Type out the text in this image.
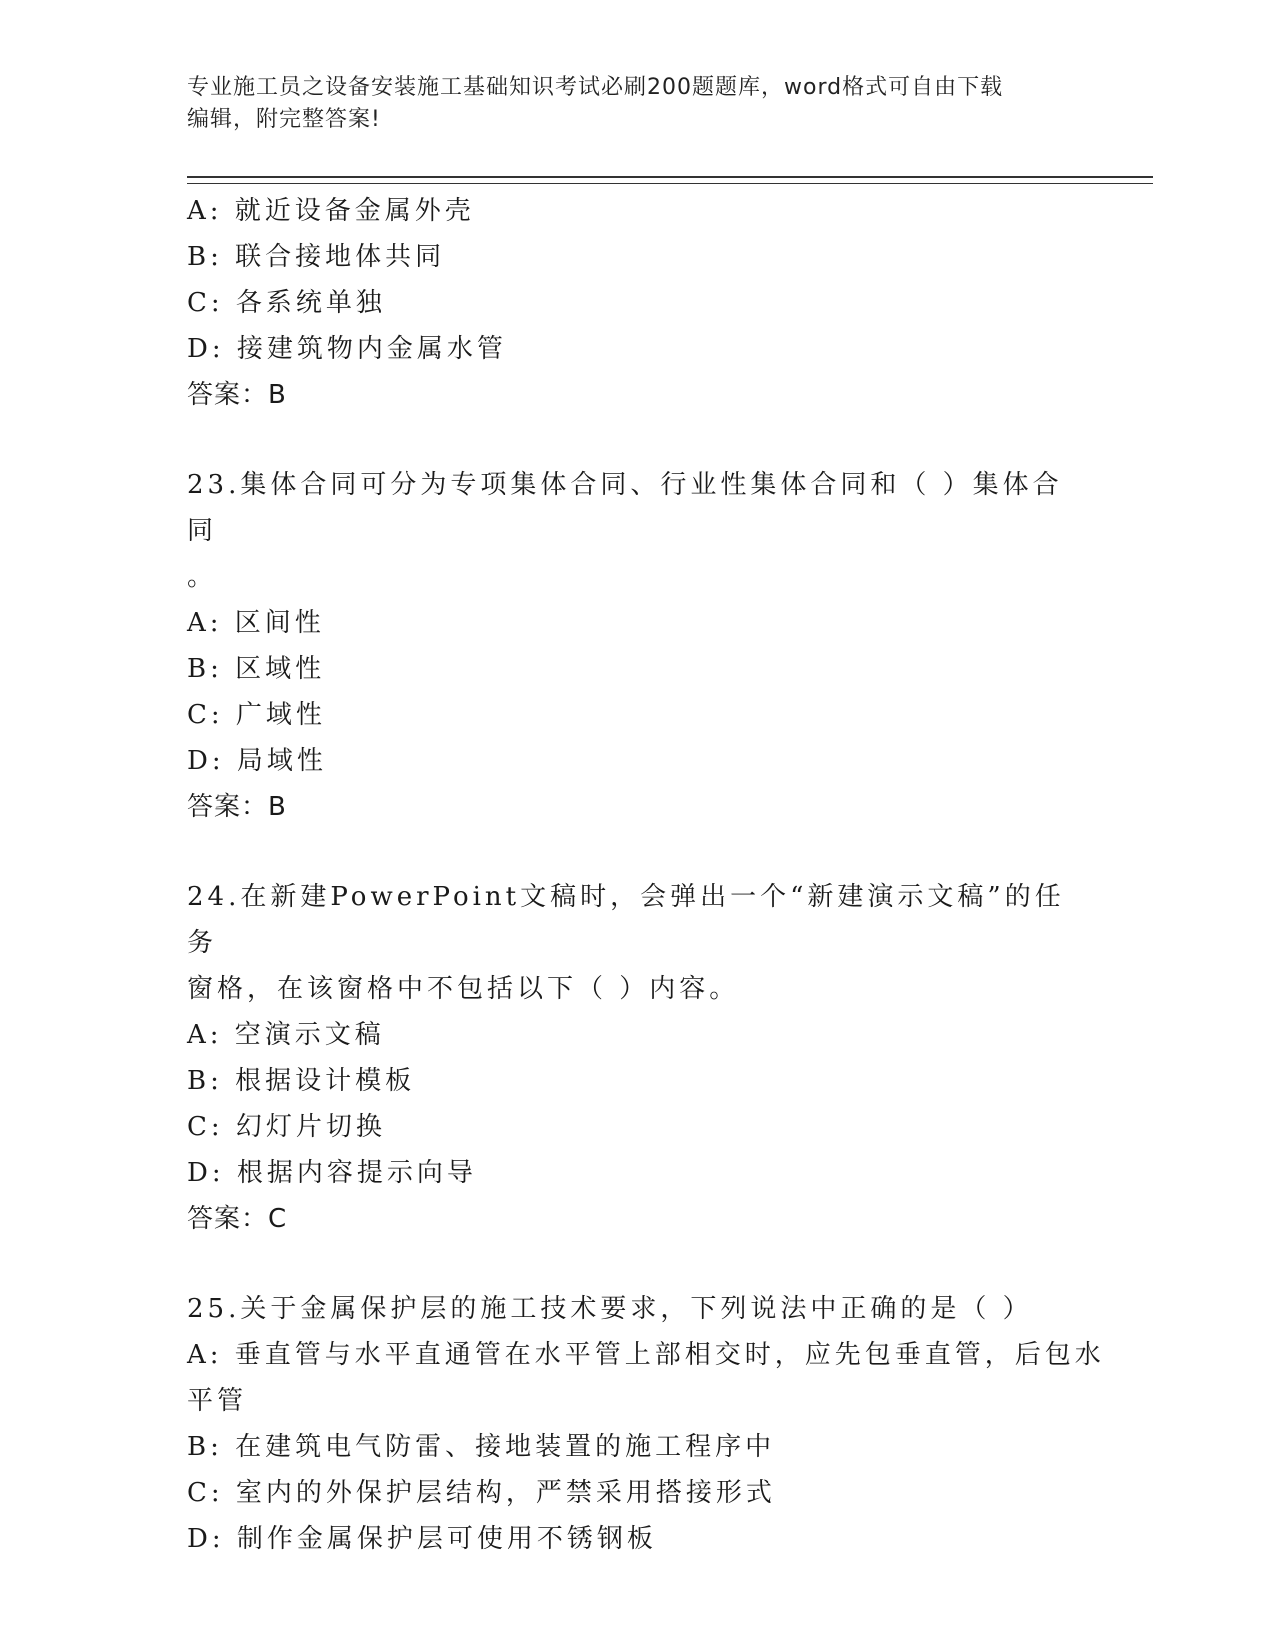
专业施工员之设备安装施工基础知识考试必刷200题题库，word格式可自由下载
编辑，附完整答案!
A: 就近设备金属外壳
B: 联合接地体共同
C: 各系统单独
D: 接建筑物内金属水管
答案：B
23.集体合同可分为专项集体合同、行业性集体合同和（ ）集体合同
。
A: 区间性
B: 区域性
C: 广域性
D: 局域性
答案：B
24.在新建PowerPoint文稿时，会弹出一个“新建演示文稿”的任务
窗格，在该窗格中不包括以下（ ）内容。
A: 空演示文稿
B: 根据设计模板
C: 幻灯片切换
D: 根据内容提示向导
答案：C
25.关于金属保护层的施工技术要求，下列说法中正确的是（ ）
A: 垂直管与水平直通管在水平管上部相交时，应先包垂直管，后包水
平管
B: 在建筑电气防雷、接地装置的施工程序中
C: 室内的外保护层结构，严禁采用搭接形式
D: 制作金属保护层可使用不锈钢板
